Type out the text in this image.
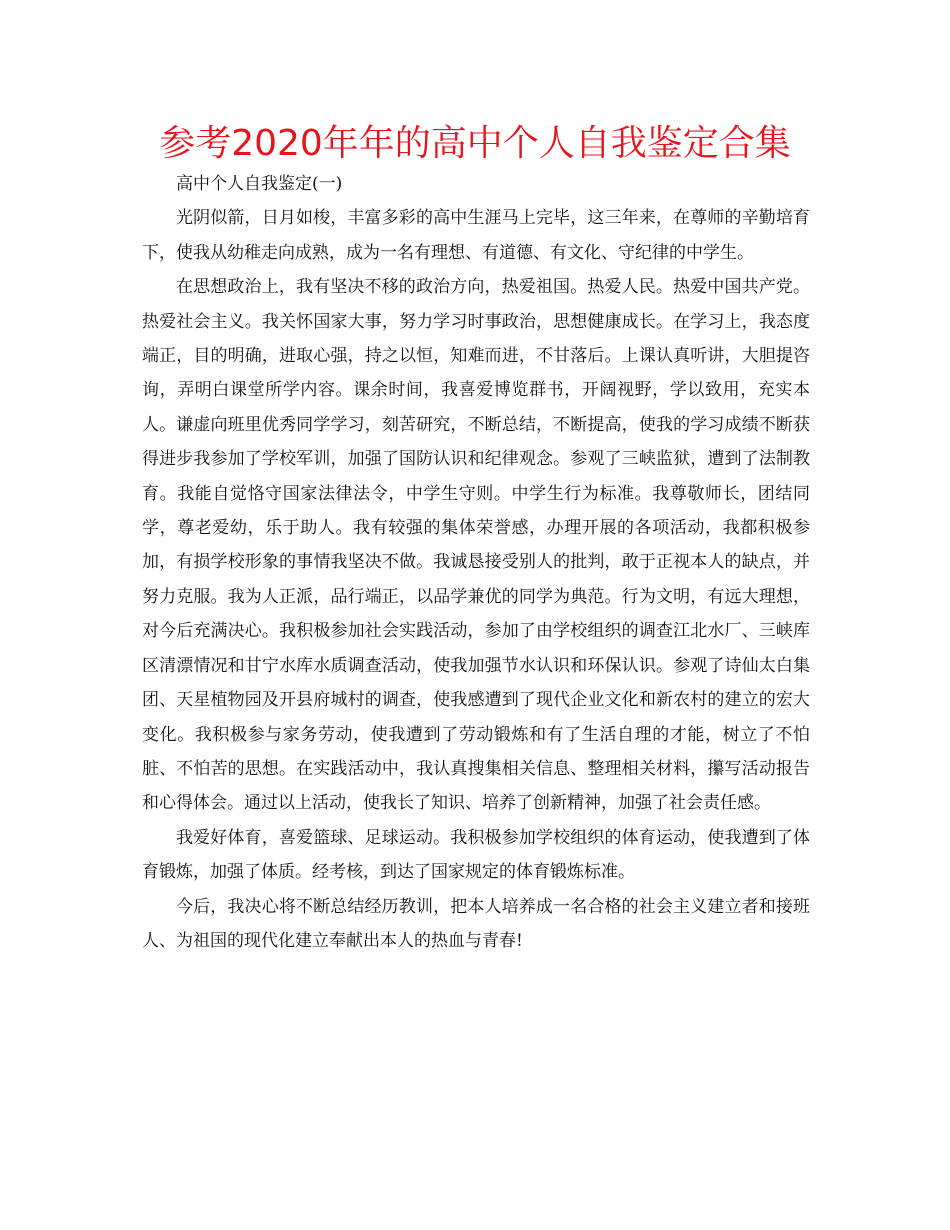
参考2020年年的高中个人自我鉴定合集

高中个人自我鉴定(一)

光阴似箭，日月如梭，丰富多彩的高中生涯马上完毕，这三年来，在尊师的辛勤培育下，使我从幼稚走向成熟，成为一名有理想、有道德、有文化、守纪律的中学生。

在思想政治上，我有坚决不移的政治方向，热爱祖国。热爱人民。热爱中国共产党。热爱社会主义。我关怀国家大事，努力学习时事政治，思想健康成长。在学习上，我态度端正，目的明确，进取心强，持之以恒，知难而进，不甘落后。上课认真听讲，大胆提咨询，弄明白课堂所学内容。课余时间，我喜爱博览群书，开阔视野，学以致用，充实本人。谦虚向班里优秀同学学习，刻苦研究，不断总结，不断提高，使我的学习成绩不断获得进步我参加了学校军训，加强了国防认识和纪律观念。参观了三峡监狱，遭到了法制教育。我能自觉恪守国家法律法令，中学生守则。中学生行为标准。我尊敬师长，团结同学，尊老爱幼，乐于助人。我有较强的集体荣誉感，办理开展的各项活动，我都积极参加，有损学校形象的事情我坚决不做。我诚恳接受别人的批判，敢于正视本人的缺点，并努力克服。我为人正派，品行端正，以品学兼优的同学为典范。行为文明，有远大理想，对今后充满决心。我积极参加社会实践活动，参加了由学校组织的调查江北水厂、三峡库区清漂情况和甘宁水库水质调查活动，使我加强节水认识和环保认识。参观了诗仙太白集团、天星植物园及开县府城村的调查，使我感遭到了现代企业文化和新农村的建立的宏大变化。我积极参与家务劳动，使我遭到了劳动锻炼和有了生活自理的才能，树立了不怕脏、不怕苦的思想。在实践活动中，我认真搜集相关信息、整理相关材料，攥写活动报告和心得体会。通过以上活动，使我长了知识、培养了创新精神，加强了社会责任感。

我爱好体育，喜爱篮球、足球运动。我积极参加学校组织的体育运动，使我遭到了体育锻炼，加强了体质。经考核，到达了国家规定的体育锻炼标准。

今后，我决心将不断总结经历教训，把本人培养成一名合格的社会主义建立者和接班人、为祖国的现代化建立奉献出本人的热血与青春!
